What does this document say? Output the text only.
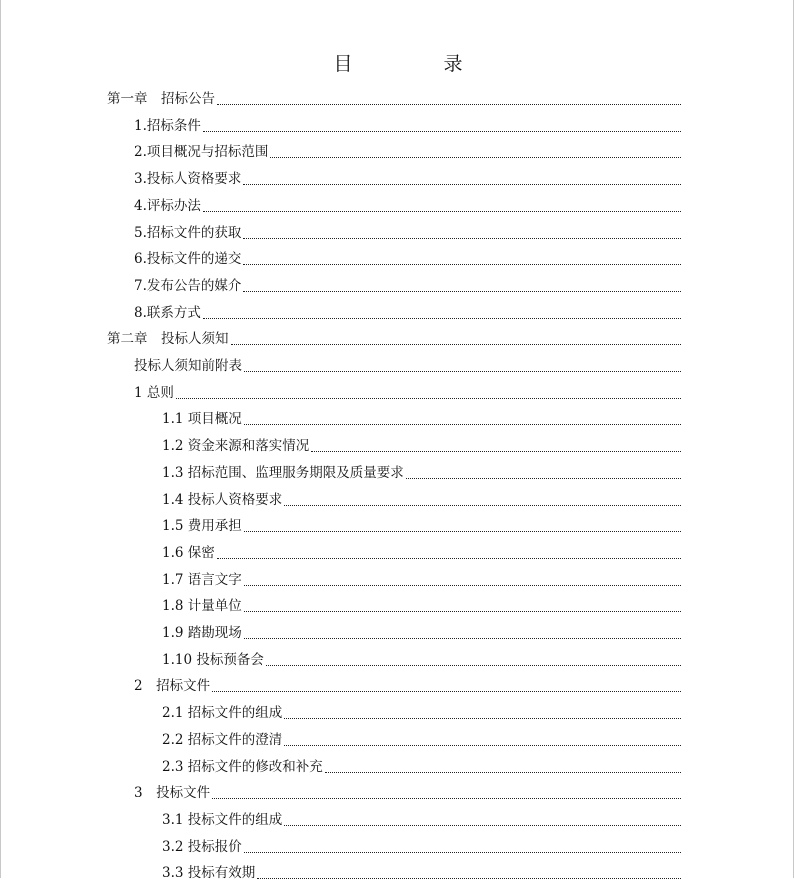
目　录
第一章　招标公告
1.招标条件
2.项目概况与招标范围
3.投标人资格要求
4.评标办法
5.招标文件的获取
6.投标文件的递交
7.发布公告的媒介
8.联系方式
第二章　投标人须知
投标人须知前附表
1 总则
1.1 项目概况
1.2 资金来源和落实情况
1.3 招标范围、监理服务期限及质量要求
1.4 投标人资格要求
1.5 费用承担
1.6 保密
1.7 语言文字
1.8 计量单位
1.9 踏勘现场
1.10 投标预备会
2　招标文件
2.1 招标文件的组成
2.2 招标文件的澄清
2.3 招标文件的修改和补充
3　投标文件
3.1 投标文件的组成
3.2 投标报价
3.3 投标有效期
